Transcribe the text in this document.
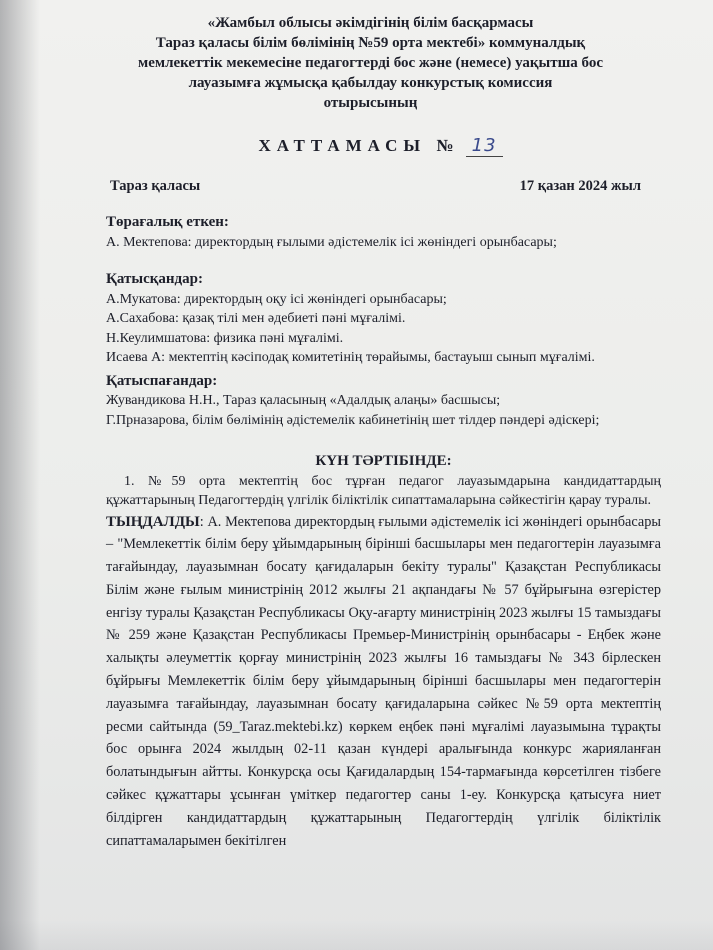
«Жамбыл облысы әкімдігінің білім басқармасы
Тараз қаласы білім бөлімінің №59 орта мектебі» коммуналдық
мемлекеттік мекемесіне педагогтерді бос және (немесе) уақытша бос
лауазымға жұмысқа қабылдау конкурстық комиссия
отырысының
ХАТТАМАСЫ № 13
Тараз қаласы	17 қазан 2024 жыл
Төрағалық еткен:
А. Мектепова: директордың ғылыми әдістемелік ісі жөніндегі орынбасары;
Қатысқандар:
А.Мукатова: директордың оқу ісі жөніндегі орынбасары;
А.Сахабова: қазақ тілі мен әдебиеті пәні мұғалімі.
Н.Кеулимшатова: физика пәні мұғалімі.
Исаева А: мектептің кәсіподақ комитетінің төрайымы, бастауыш сынып мұғалімі.
Қатыспағандар:
Жувандикова Н.Н., Тараз қаласының «Адалдық алаңы» басшысы;
Г.Прназарова, білім бөлімінің әдістемелік кабинетінің шет тілдер пәндері әдіскері;
КҮН ТӘРТІБІНДЕ:
1. №59 орта мектептің бос тұрған педагог лауазымдарына кандидаттардың құжаттарының Педагогтердің үлгілік біліктілік сипаттамаларына сәйкестігін қарау туралы.
ТЫҢДАЛДЫ: А. Мектепова директордың ғылыми әдістемелік ісі жөніндегі орынбасары – "Мемлекеттік білім беру ұйымдарының бірінші басшылары мен педагогтерін лауазымға тағайындау, лауазымнан босату қағидаларын бекіту туралы" Қазақстан Республикасы Білім және ғылым министрінің 2012 жылғы 21 ақпандағы № 57 бұйрығына өзгерістер енгізу туралы Қазақстан Республикасы Оқу-ағарту министрінің 2023 жылғы 15 тамыздағы № 259 және Қазақстан Республикасы Премьер-Министрінің орынбасары - Еңбек және халықты әлеуметтік қорғау министрінің 2023 жылғы 16 тамыздағы № 343 бірлескен бұйрығы Мемлекеттік білім беру ұйымдарының бірінші басшылары мен педагогтерін лауазымға тағайындау, лауазымнан босату қағидаларына сәйкес №59 орта мектептің ресми сайтында (59_Taraz.mektebi.kz) көркем еңбек пәні мұғалімі лауазымына тұрақты бос орынға 2024 жылдың 02-11 қазан күндері аралығында конкурс жарияланған болатындығын айтты. Конкурсқа осы Қағидалардың 154-тармағында көрсетілген тізбеге сәйкес құжаттары ұсынған үміткер педагогтер саны 1-еу. Конкурсқа қатысуға ниет білдірген кандидаттардың құжаттарының Педагогтердің үлгілік біліктілік сипаттамаларымен бекітілген
